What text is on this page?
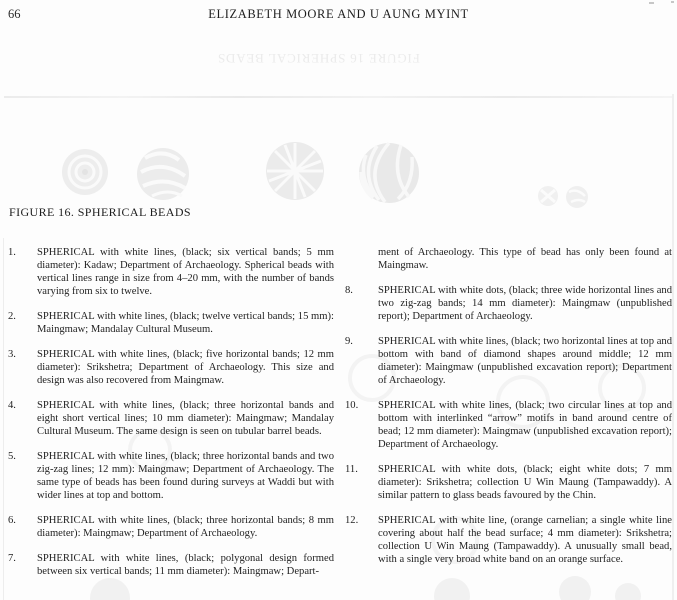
66	ELIZABETH MOORE AND U AUNG MYINT
FIGURE 16 SPHERICAL BEADS
FIGURE 16. SPHERICAL BEADS
1. SPHERICAL with white lines, (black; six vertical bands; 5 mm diameter): Kadaw; Department of Archaeology. Spherical beads with vertical lines range in size from 4–20 mm, with the number of bands varying from six to twelve.
2. SPHERICAL with white lines, (black; twelve vertical bands; 15 mm): Maingmaw; Mandalay Cultural Museum.
3. SPHERICAL with white lines, (black; five horizontal bands; 12 mm diameter): Srikshetra; Department of Archaeology. This size and design was also recovered from Maingmaw.
4. SPHERICAL with white lines, (black; three horizontal bands and eight short vertical lines; 10 mm diameter): Maingmaw; Mandalay Cultural Museum. The same design is seen on tubular barrel beads.
5. SPHERICAL with white lines, (black; three horizontal bands and two zig-zag lines; 12 mm): Maingmaw; Department of Archaeology. The same type of beads has been found during surveys at Waddi but with wider lines at top and bottom.
6. SPHERICAL with white lines, (black; three horizontal bands; 8 mm diameter): Maingmaw; Department of Archaeology.
7. SPHERICAL with white lines, (black; polygonal design formed between six vertical bands; 11 mm diameter): Maingmaw; Depart-
ment of Archaeology. This type of bead has only been found at Maingmaw.
8. SPHERICAL with white dots, (black; three wide horizontal lines and two zig-zag bands; 14 mm diameter): Maingmaw (unpublished report); Department of Archaeology.
9. SPHERICAL with white lines, (black; two horizontal lines at top and bottom with band of diamond shapes around middle; 12 mm diameter): Maingmaw (unpublished excavation report); Department of Archaeology.
10. SPHERICAL with white lines, (black; two circular lines at top and bottom with interlinked “arrow” motifs in band around centre of bead; 12 mm diameter): Maingmaw (unpublished excavation report); Department of Archaeology.
11. SPHERICAL with white dots, (black; eight white dots; 7 mm diameter): Srikshetra; collection U Win Maung (Tampawaddy). A similar pattern to glass beads favoured by the Chin.
12. SPHERICAL with white line, (orange carnelian; a single white line covering about half the bead surface; 4 mm diameter): Srikshetra; collection U Win Maung (Tampawaddy). A unusually small bead, with a single very broad white band on an orange surface.
